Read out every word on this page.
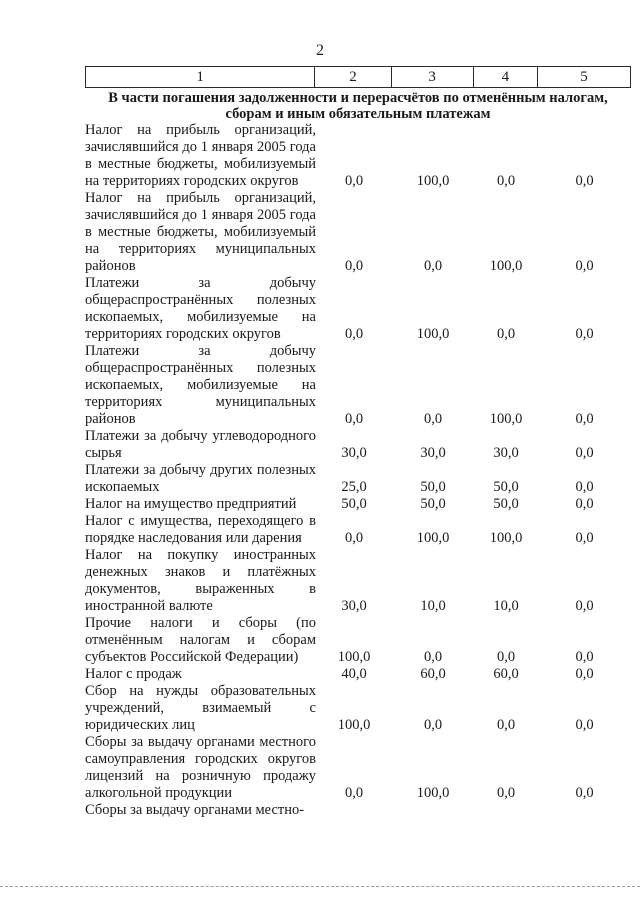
2
1	2	3	4	5
В части погашения задолженности и перерасчётов по отменённым налогам, сборам и иным обязательным платежам
Налог на прибыль организаций, зачислявшийся до 1 января 2005 года в местные бюджеты, мобилизуемый на территориях городских округов	0,0	100,0	0,0	0,0
Налог на прибыль организаций, зачислявшийся до 1 января 2005 года в местные бюджеты, мобилизуемый на территориях муниципальных районов	0,0	0,0	100,0	0,0
Платежи за добычу общераспространённых полезных ископаемых, мобилизуемые на территориях городских округов	0,0	100,0	0,0	0,0
Платежи за добычу общераспространённых полезных ископаемых, мобилизуемые на территориях муниципальных районов	0,0	0,0	100,0	0,0
Платежи за добычу углеводородного сырья	30,0	30,0	30,0	0,0
Платежи за добычу других полезных ископаемых	25,0	50,0	50,0	0,0
Налог на имущество предприятий	50,0	50,0	50,0	0,0
Налог с имущества, переходящего в порядке наследования или дарения	0,0	100,0	100,0	0,0
Налог на покупку иностранных денежных знаков и платёжных документов, выраженных в иностранной валюте	30,0	10,0	10,0	0,0
Прочие налоги и сборы (по отменённым налогам и сборам субъектов Российской Федерации)	100,0	0,0	0,0	0,0
Налог с продаж	40,0	60,0	60,0	0,0
Сбор на нужды образовательных учреждений, взимаемый с юридических лиц	100,0	0,0	0,0	0,0
Сборы за выдачу органами местного самоуправления городских округов лицензий на розничную продажу алкогольной продукции	0,0	100,0	0,0	0,0
Сборы за выдачу органами местно-
